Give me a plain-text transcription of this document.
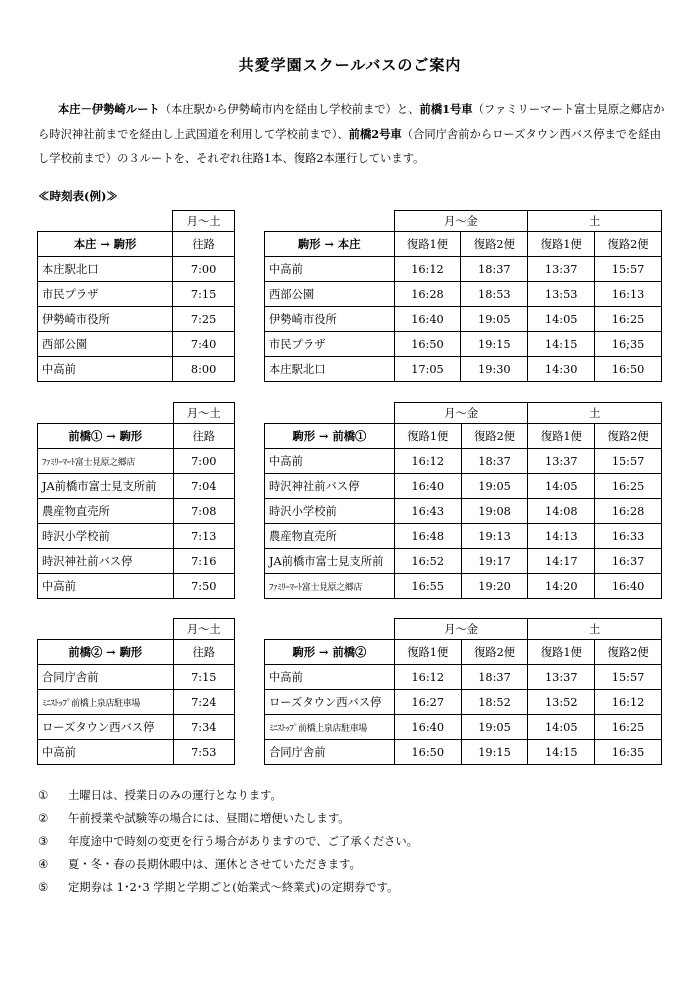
共愛学園スクールバスのご案内
本庄－伊勢崎ルート（本庄駅から伊勢崎市内を経由し学校前まで）と、前橋1号車（ファミリーマート富士見原之郷店から時沢神社前までを経由し上武国道を利用して学校前まで）、前橋2号車（合同庁舎前からローズタウン西バス停までを経由し学校前まで）の３ルートを、それぞれ往路1本、復路2本運行しています。
≪時刻表(例)≫
	月～土
本庄 → 駒形	往路
本庄駅北口	7:00
市民プラザ	7:15
伊勢崎市役所	7:25
西部公園	7:40
中高前	8:00
	月～金		土	
駒形 → 本庄	復路1便	復路2便	復路1便	復路2便
中高前	16:12	18:37	13:37	15:57
西部公園	16:28	18:53	13:53	16:13
伊勢崎市役所	16:40	19:05	14:05	16:25
市民プラザ	16:50	19:15	14:15	16;35
本庄駅北口	17:05	19:30	14:30	16:50
	月～土
前橋① → 駒形	往路
ﾌｧﾐﾘｰﾏｰﾄ富士見原之郷店	7:00
JA前橋市富士見支所前	7:04
農産物直売所	7:08
時沢小学校前	7:13
時沢神社前バス停	7:16
中高前	7:50
	月～金		土	
駒形 → 前橋①	復路1便	復路2便	復路1便	復路2便
中高前	16:12	18:37	13:37	15:57
時沢神社前バス停	16:40	19:05	14:05	16:25
時沢小学校前	16:43	19:08	14:08	16:28
農産物直売所	16:48	19:13	14:13	16:33
JA前橋市富士見支所前	16:52	19:17	14:17	16:37
ﾌｧﾐﾘｰﾏｰﾄ富士見原之郷店	16:55	19:20	14:20	16:40
	月～土
前橋② → 駒形	往路
合同庁舎前	7:15
ﾐﾆｽﾄｯﾌﾟ前橋上泉店駐車場	7:24
ローズタウン西バス停	7:34
中高前	7:53
	月～金		土	
駒形 → 前橋②	復路1便	復路2便	復路1便	復路2便
中高前	16:12	18:37	13:37	15:57
ローズタウン西バス停	16:27	18:52	13:52	16:12
ﾐﾆｽﾄｯﾌﾟ前橋上泉店駐車場	16:40	19:05	14:05	16:25
合同庁舎前	16:50	19:15	14:15	16:35
① 土曜日は、授業日のみの運行となります。
② 午前授業や試験等の場合には、昼間に増便いたします。
③ 年度途中で時刻の変更を行う場合がありますので、ご了承ください。
④ 夏・冬・春の長期休暇中は、運休とさせていただきます。
⑤ 定期券は 1･2･3 学期と学期ごと(始業式～終業式)の定期券です。
